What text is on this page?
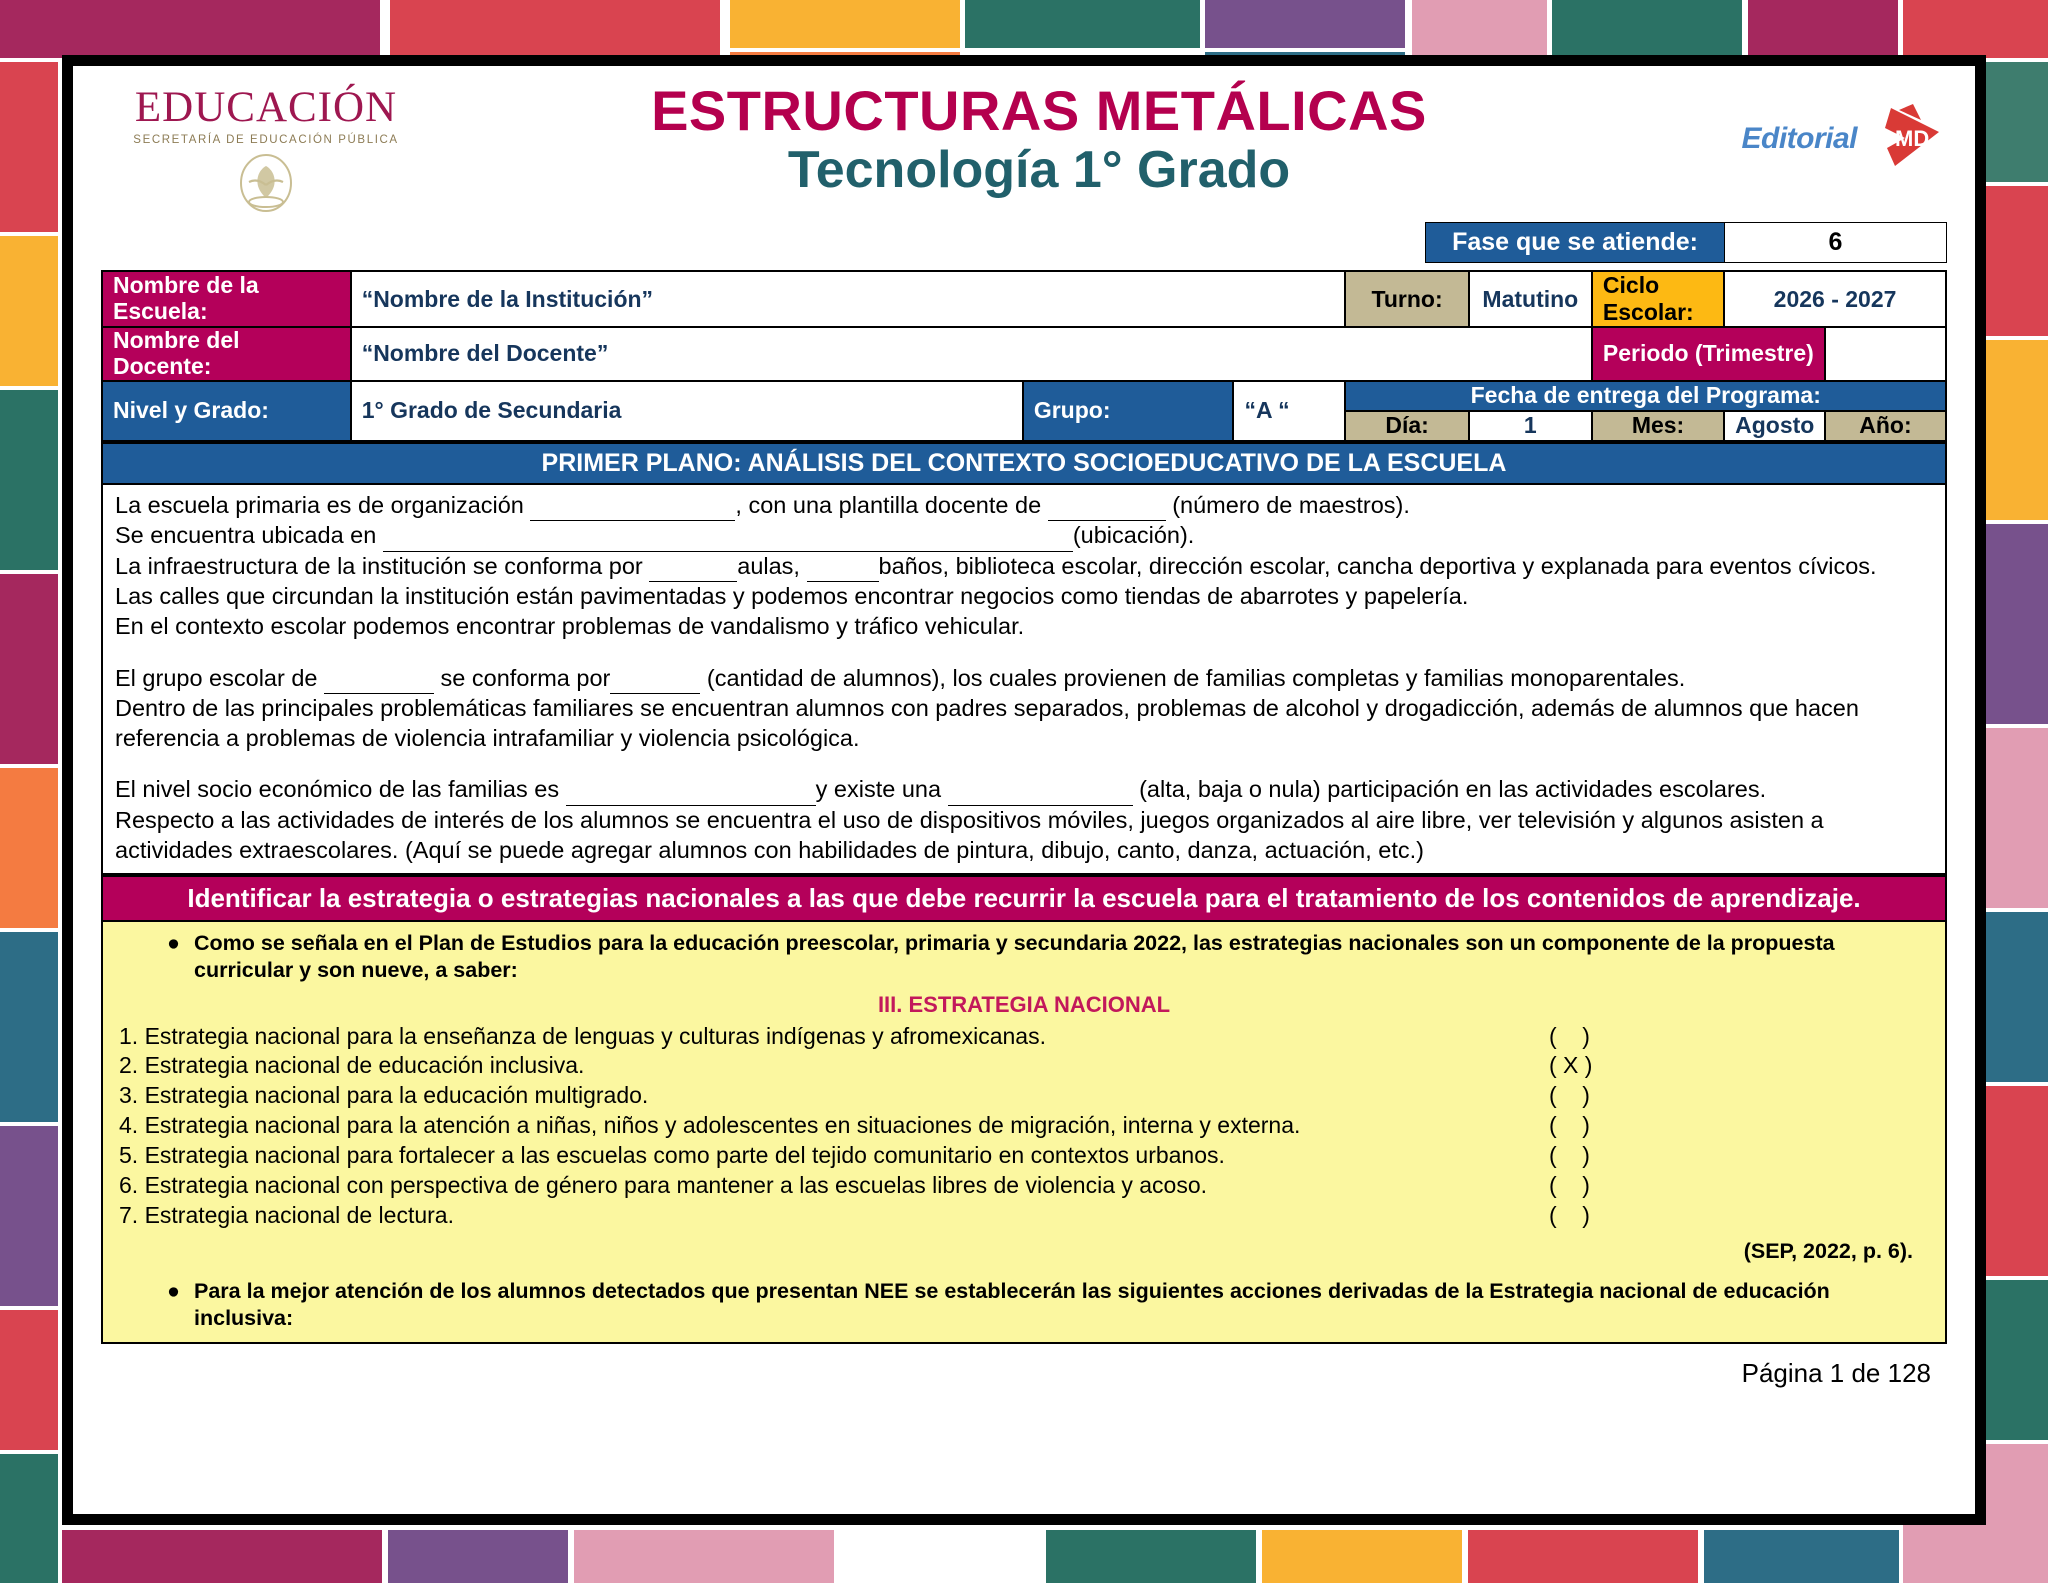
EDUCACIÓN
SECRETARÍA DE EDUCACIÓN PÚBLICA	ESTRUCTURAS METÁLICAS
Tecnología 1° Grado
Editorial MD
Fase que se atiende:	6
Nombre de la Escuela:	“Nombre de la Institución”			Turno:	Matutino	Ciclo Escolar:	2026 - 2027	
Nombre del Docente:	“Nombre del Docente”					Periodo (Trimestre)		
Nivel y Grado:	1° Grado de Secundaria	Grupo:	“A “	Fecha de entrega del Programa:				
				Día:	1	Mes:	Agosto	Año:
PRIMER PLANO: ANÁLISIS DEL CONTEXTO SOCIOEDUCATIVO DE LA ESCUELA

La escuela primaria es de organización	, con una plantilla docente de	(número de maestros).

Se encuentra ubicada en	(ubicación).

La infraestructura de la institución se conforma por	aulas,	baños, biblioteca escolar, dirección escolar, cancha deportiva y explanada para eventos cívicos.

Las calles que circundan la institución están pavimentadas y podemos encontrar negocios como tiendas de abarrotes y papelería.

En el contexto escolar podemos encontrar problemas de vandalismo y tráfico vehicular.

El grupo escolar de	se conforma por	(cantidad de alumnos), los cuales provienen de familias completas y familias monoparentales.

Dentro de las principales problemáticas familiares se encuentran alumnos con padres separados, problemas de alcohol y drogadicción, además de alumnos que hacen referencia a problemas de violencia intrafamiliar y violencia psicológica.

El nivel socio económico de las familias es	y existe una	(alta, baja o nula) participación en las actividades escolares.

Respecto a las actividades de interés de los alumnos se encuentra el uso de dispositivos móviles, juegos organizados al aire libre, ver televisión y algunos asisten a actividades extraescolares. (Aquí se puede agregar alumnos con habilidades de pintura, dibujo, canto, danza, actuación, etc.)

Identificar la estrategia o estrategias nacionales a las que debe recurrir la escuela para el tratamiento de los contenidos de aprendizaje.
● Como se señala en el Plan de Estudios para la educación preescolar, primaria y secundaria 2022, las estrategias nacionales son un componente de la propuesta curricular y son nueve, a saber:
III. ESTRATEGIA NACIONAL
1. Estrategia nacional para la enseñanza de lenguas y culturas indígenas y afromexicanas.	(    )
2. Estrategia nacional de educación inclusiva.	( X )
3. Estrategia nacional para la educación multigrado.	(    )
4. Estrategia nacional para la atención a niñas, niños y adolescentes en situaciones de migración, interna y externa.	(    )
5. Estrategia nacional para fortalecer a las escuelas como parte del tejido comunitario en contextos urbanos.	(    )
6. Estrategia nacional con perspectiva de género para mantener a las escuelas libres de violencia y acoso.	(    )
7. Estrategia nacional de lectura.	(    )
(SEP, 2022, p. 6).
● Para la mejor atención de los alumnos detectados que presentan NEE se establecerán las siguientes acciones derivadas de la Estrategia nacional de educación inclusiva:
Página 1 de 128
